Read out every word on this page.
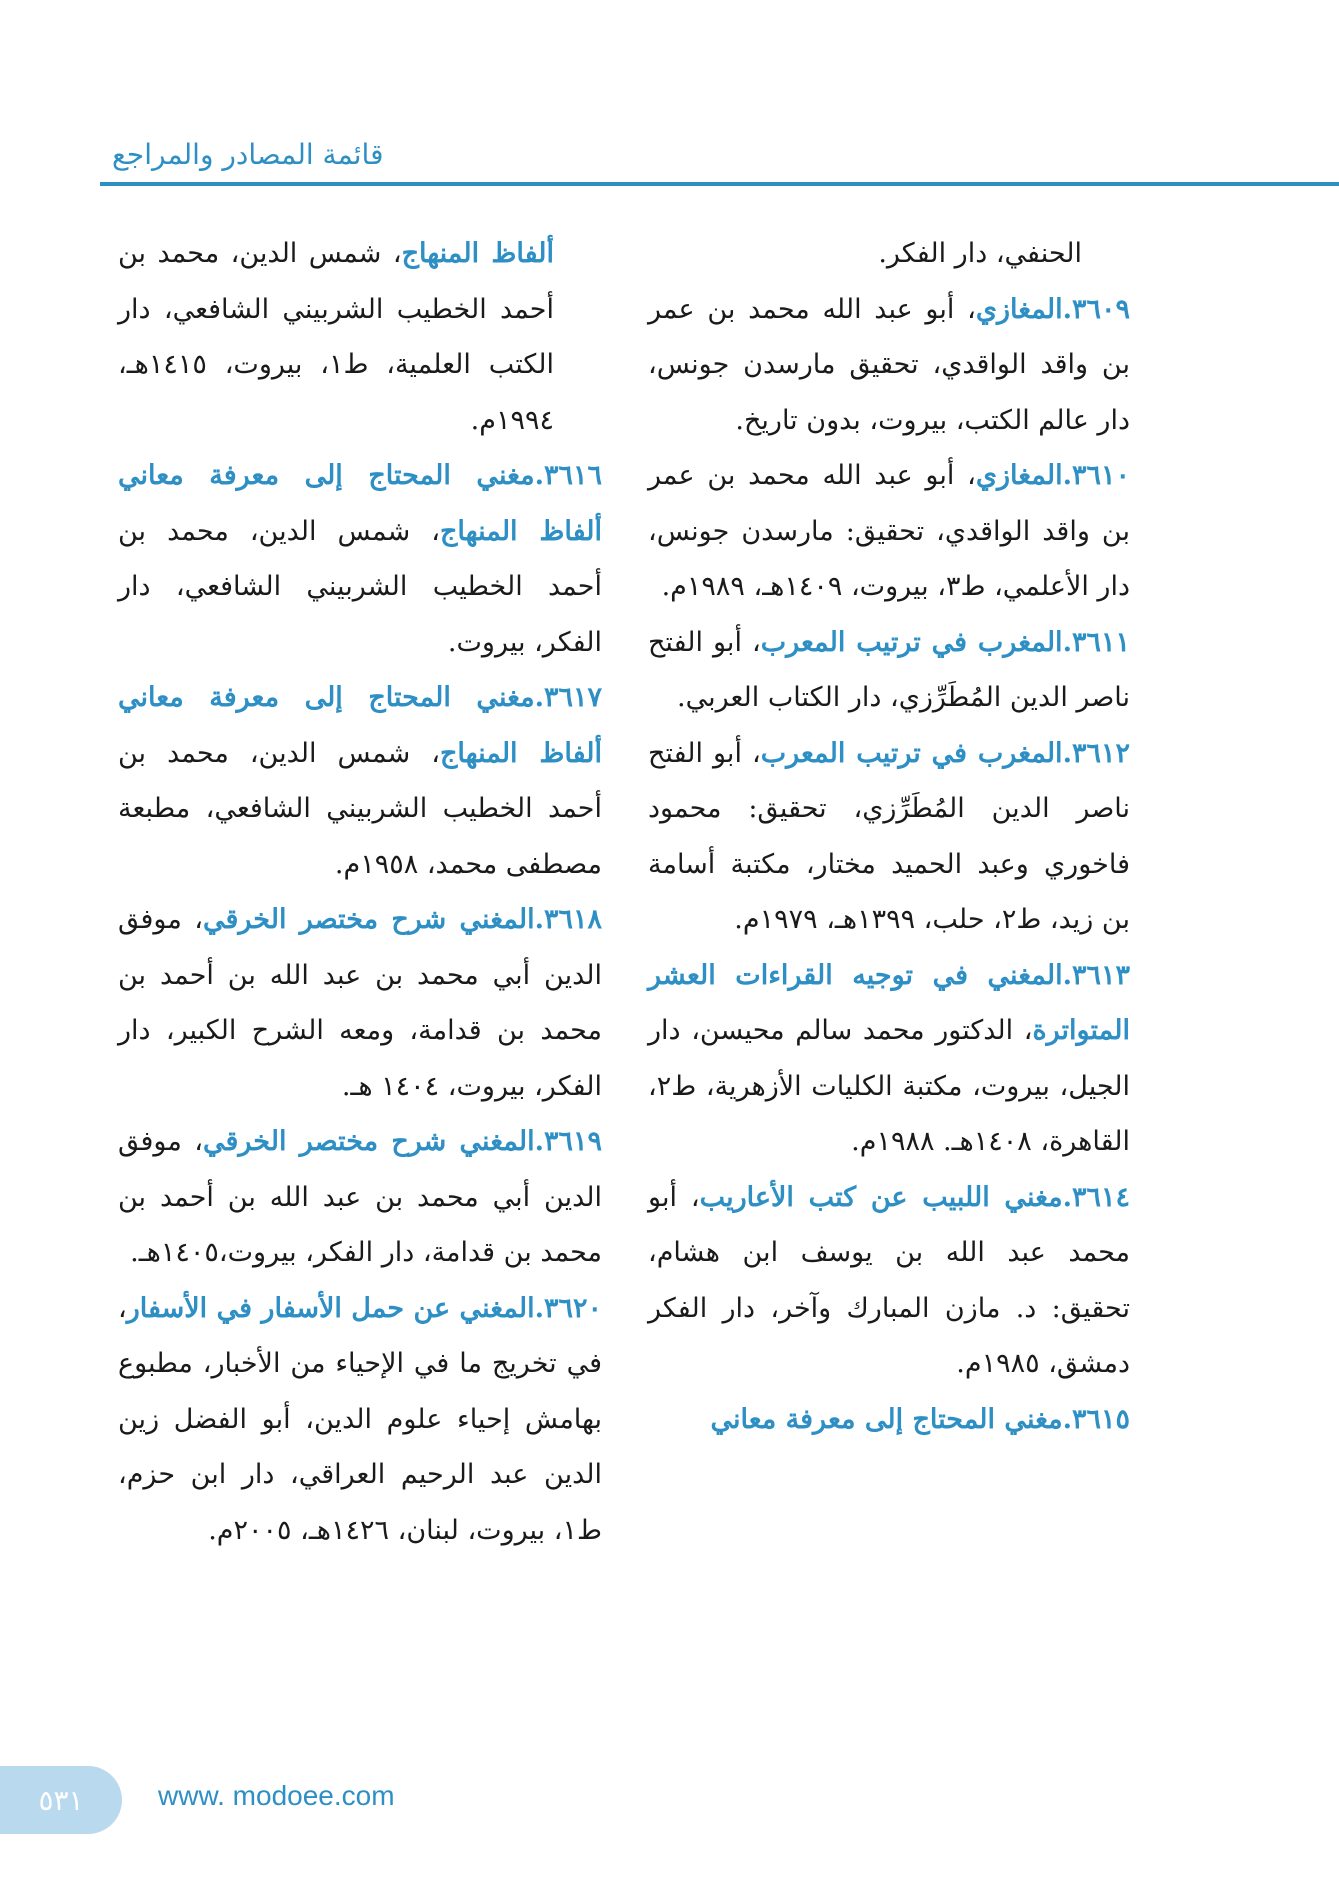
قائمة المصادر والمراجع

الحنفي، دار الفكر.

٣٦٠٩.المغازي، أبو عبد الله محمد بن عمر بن واقد الواقدي، تحقيق مارسدن جونس، دار عالم الكتب، بيروت، بدون تاريخ.

٣٦١٠.المغازي، أبو عبد الله محمد بن عمر بن واقد الواقدي، تحقيق: مارسدن جونس، دار الأعلمي، ط٣، بيروت، ١٤٠٩هـ، ١٩٨٩م.

٣٦١١.المغرب في ترتيب المعرب، أبو الفتح ناصر الدين المُطَرِّزي، دار الكتاب العربي.

٣٦١٢.المغرب في ترتيب المعرب، أبو الفتح ناصر الدين المُطَرِّزي، تحقيق: محمود فاخوري وعبد الحميد مختار، مكتبة أسامة بن زيد، ط٢، حلب، ١٣٩٩هـ، ١٩٧٩م.

٣٦١٣.المغني في توجيه القراءات العشر المتواترة، الدكتور محمد سالم محيسن، دار الجيل، بيروت، مكتبة الكليات الأزهرية، ط٢، القاهرة، ١٤٠٨هـ. ١٩٨٨م.

٣٦١٤.مغني اللبيب عن كتب الأعاريب، أبو محمد عبد الله بن يوسف ابن هشام، تحقيق: د. مازن المبارك وآخر، دار الفكر دمشق، ١٩٨٥م.

٣٦١٥.مغني المحتاج إلى معرفة معاني

ألفاظ المنهاج، شمس الدين، محمد بن أحمد الخطيب الشربيني الشافعي، دار الكتب العلمية، ط١، بيروت، ١٤١٥هـ، ١٩٩٤م.

٣٦١٦.مغني المحتاج إلى معرفة معاني ألفاظ المنهاج، شمس الدين، محمد بن أحمد الخطيب الشربيني الشافعي، دار الفكر، بيروت.

٣٦١٧.مغني المحتاج إلى معرفة معاني ألفاظ المنهاج، شمس الدين، محمد بن أحمد الخطيب الشربيني الشافعي، مطبعة مصطفى محمد، ١٩٥٨م.

٣٦١٨.المغني شرح مختصر الخرقي، موفق الدين أبي محمد بن عبد الله بن أحمد بن محمد بن قدامة، ومعه الشرح الكبير، دار الفكر، بيروت، ١٤٠٤ هـ.

٣٦١٩.المغني شرح مختصر الخرقي، موفق الدين أبي محمد بن عبد الله بن أحمد بن محمد بن قدامة، دار الفكر، بيروت،١٤٠٥هـ.

٣٦٢٠.المغني عن حمل الأسفار في الأسفار، في تخريج ما في الإحياء من الأخبار، مطبوع بهامش إحياء علوم الدين، أبو الفضل زين الدين عبد الرحيم العراقي، دار ابن حزم، ط١، بيروت، لبنان، ١٤٢٦هـ، ٢٠٠٥م.

٥٣١	www. modoee.com
